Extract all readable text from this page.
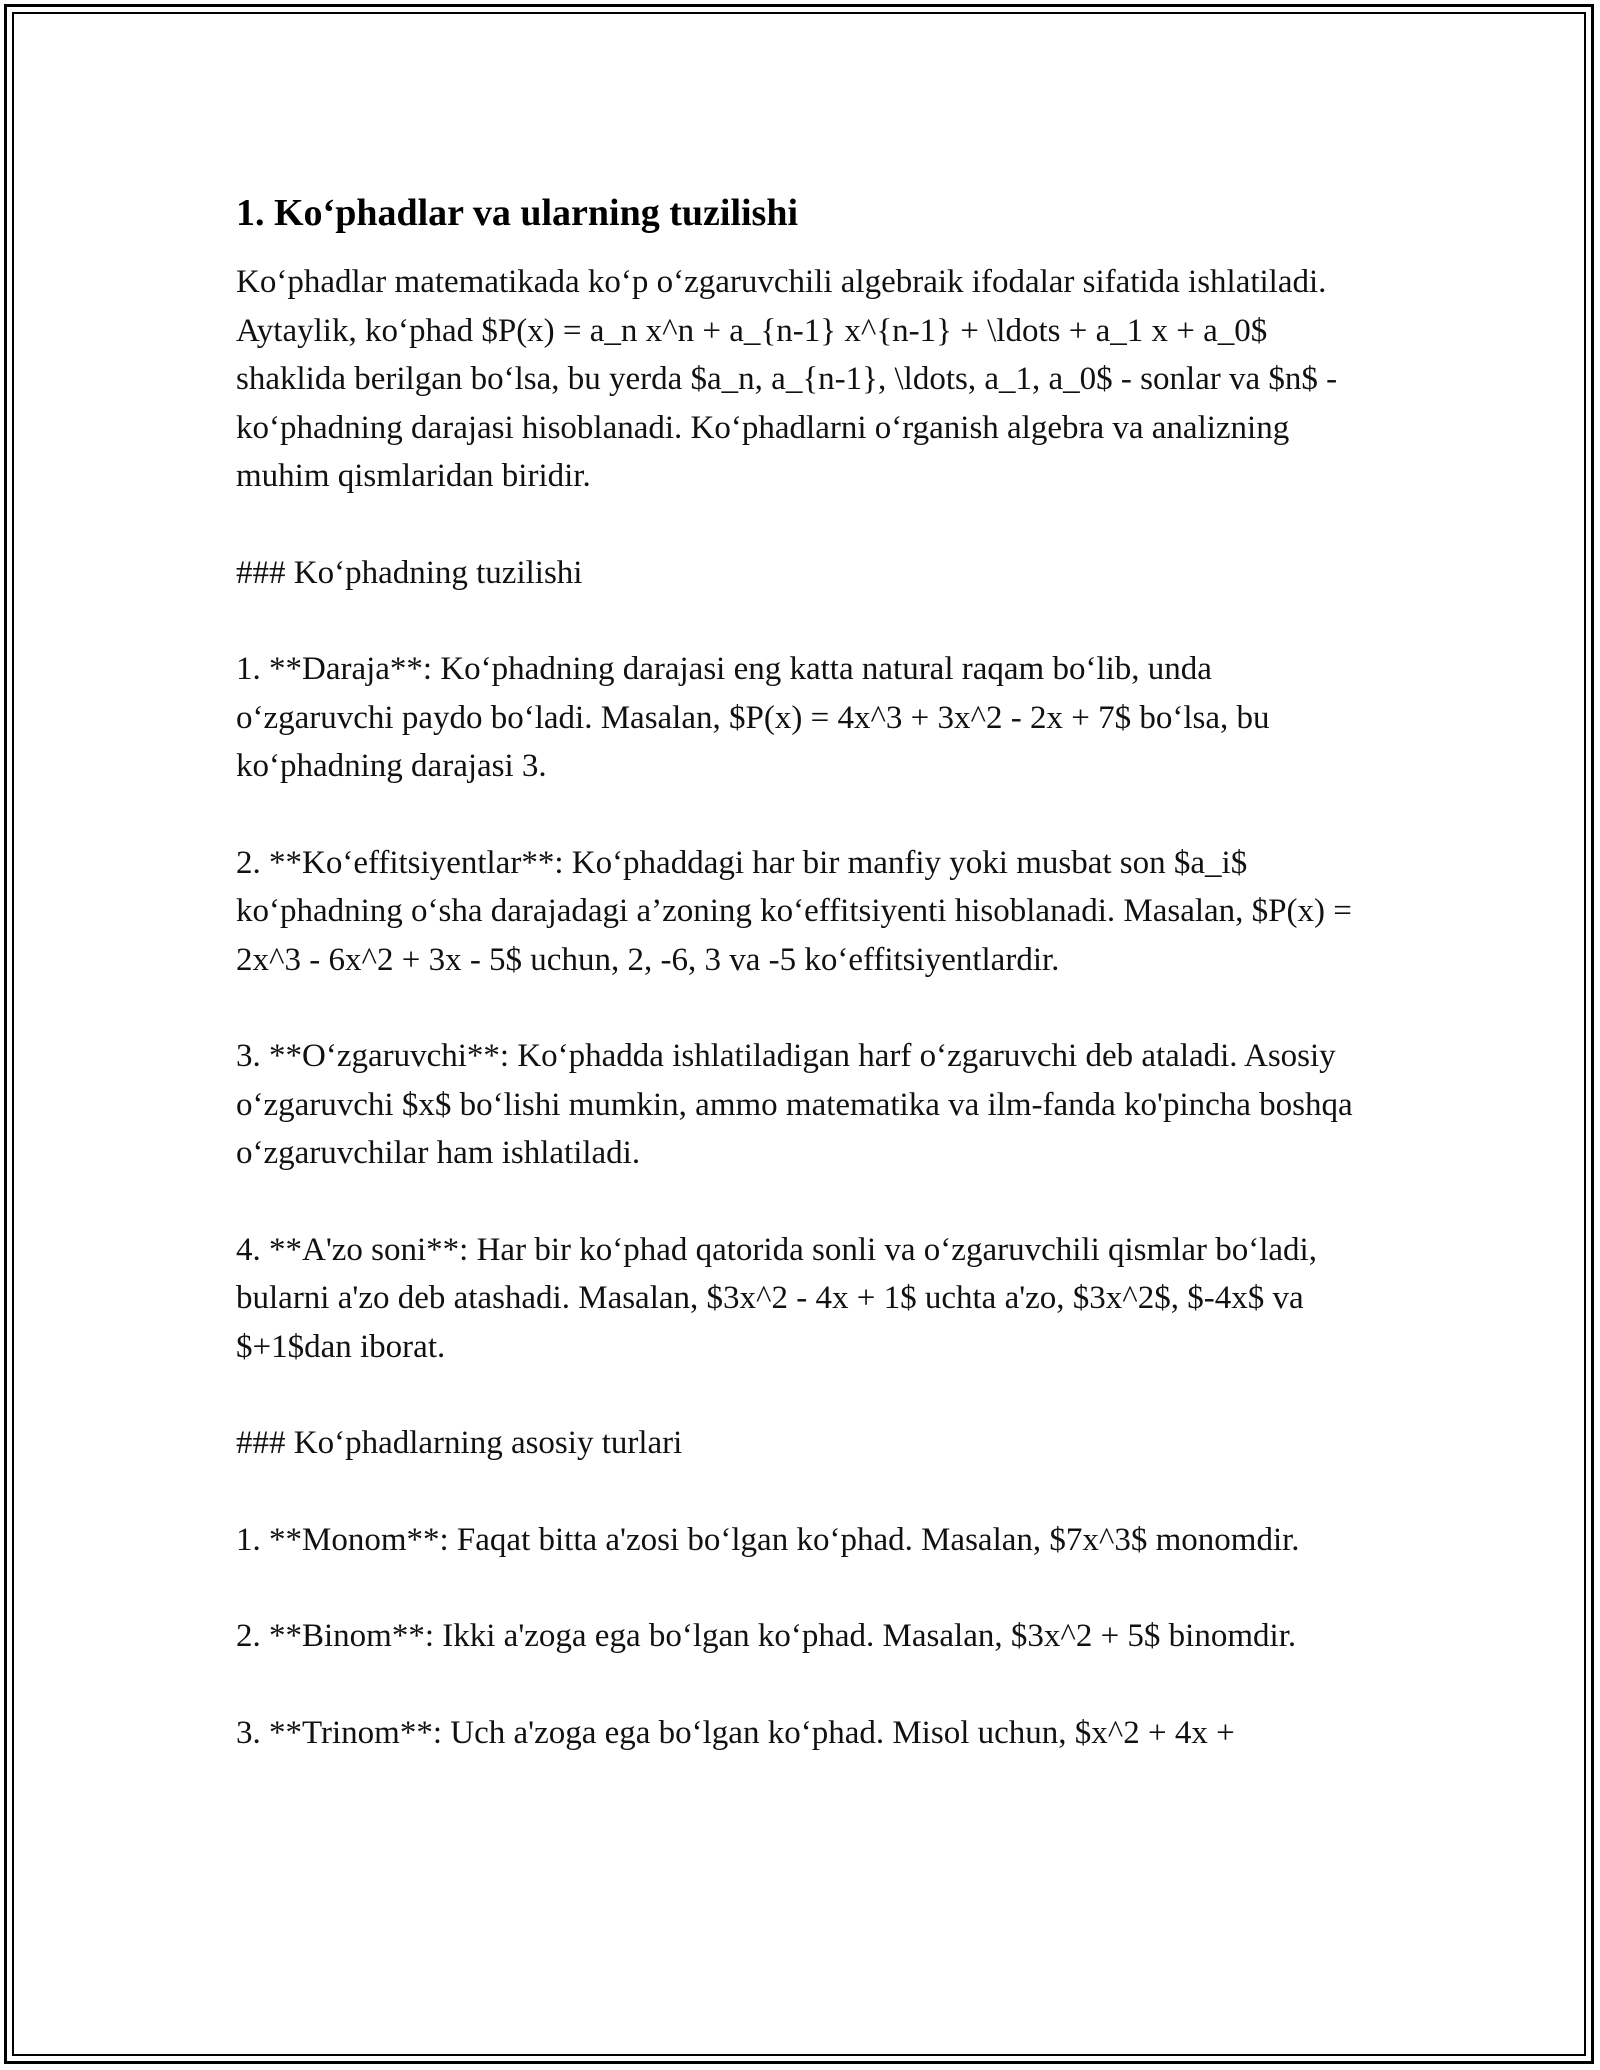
1. Ko‘phadlar va ularning tuzilishi

Ko‘phadlar matematikada ko‘p o‘zgaruvchili algebraik ifodalar sifatida ishlatiladi. Aytaylik, ko‘phad $P(x) = a_n x^n + a_{n-1} x^{n-1} + \ldots + a_1 x + a_0$ shaklida berilgan bo‘lsa, bu yerda $a_n, a_{n-1}, \ldots, a_1, a_0$ - sonlar va $n$ - ko‘phadning darajasi hisoblanadi. Ko‘phadlarni o‘rganish algebra va analizning muhim qismlaridan biridir.

### Ko‘phadning tuzilishi

1. **Daraja**: Ko‘phadning darajasi eng katta natural raqam bo‘lib, unda o‘zgaruvchi paydo bo‘ladi. Masalan, $P(x) = 4x^3 + 3x^2 - 2x + 7$ bo‘lsa, bu ko‘phadning darajasi 3.

2. **Ko‘effitsiyentlar**: Ko‘phaddagi har bir manfiy yoki musbat son $a_i$ ko‘phadning o‘sha darajadagi a’zoning ko‘effitsiyenti hisoblanadi. Masalan, $P(x) = 2x^3 - 6x^2 + 3x - 5$ uchun, 2, -6, 3 va -5 ko‘effitsiyentlardir.

3. **O‘zgaruvchi**: Ko‘phadda ishlatiladigan harf o‘zgaruvchi deb ataladi. Asosiy o‘zgaruvchi $x$ bo‘lishi mumkin, ammo matematika va ilm-fanda ko'pincha boshqa o‘zgaruvchilar ham ishlatiladi.

4. **A'zo soni**: Har bir ko‘phad qatorida sonli va o‘zgaruvchili qismlar bo‘ladi, bularni a'zo deb atashadi. Masalan, $3x^2 - 4x + 1$ uchta a'zo, $3x^2$, $-4x$ va $+1$dan iborat.

### Ko‘phadlarning asosiy turlari

1. **Monom**: Faqat bitta a'zosi bo‘lgan ko‘phad. Masalan, $7x^3$ monomdir.

2. **Binom**: Ikki a'zoga ega bo‘lgan ko‘phad. Masalan, $3x^2 + 5$ binomdir.

3. **Trinom**: Uch a'zoga ega bo‘lgan ko‘phad. Misol uchun, $x^2 + 4x +
